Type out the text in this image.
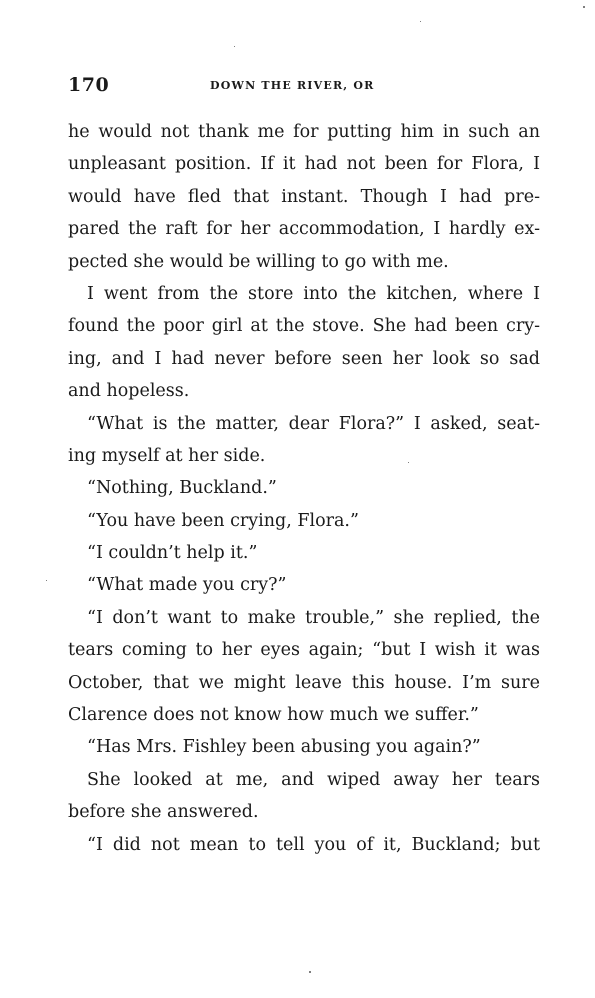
170	DOWN THE RIVER, OR
he would not thank me for putting him in such an
unpleasant position. If it had not been for Flora, I
would have fled that instant. Though I had pre-
pared the raft for her accommodation, I hardly ex-
pected she would be willing to go with me.
I went from the store into the kitchen, where I
found the poor girl at the stove. She had been cry-
ing, and I had never before seen her look so sad
and hopeless.
“What is the matter, dear Flora?” I asked, seat-
ing myself at her side.
“Nothing, Buckland.”
“You have been crying, Flora.”
“I couldn’t help it.”
“What made you cry?”
“I don’t want to make trouble,” she replied, the
tears coming to her eyes again; “but I wish it was
October, that we might leave this house. I’m sure
Clarence does not know how much we suffer.”
“Has Mrs. Fishley been abusing you again?”
She looked at me, and wiped away her tears
before she answered.
“I did not mean to tell you of it, Buckland; but
